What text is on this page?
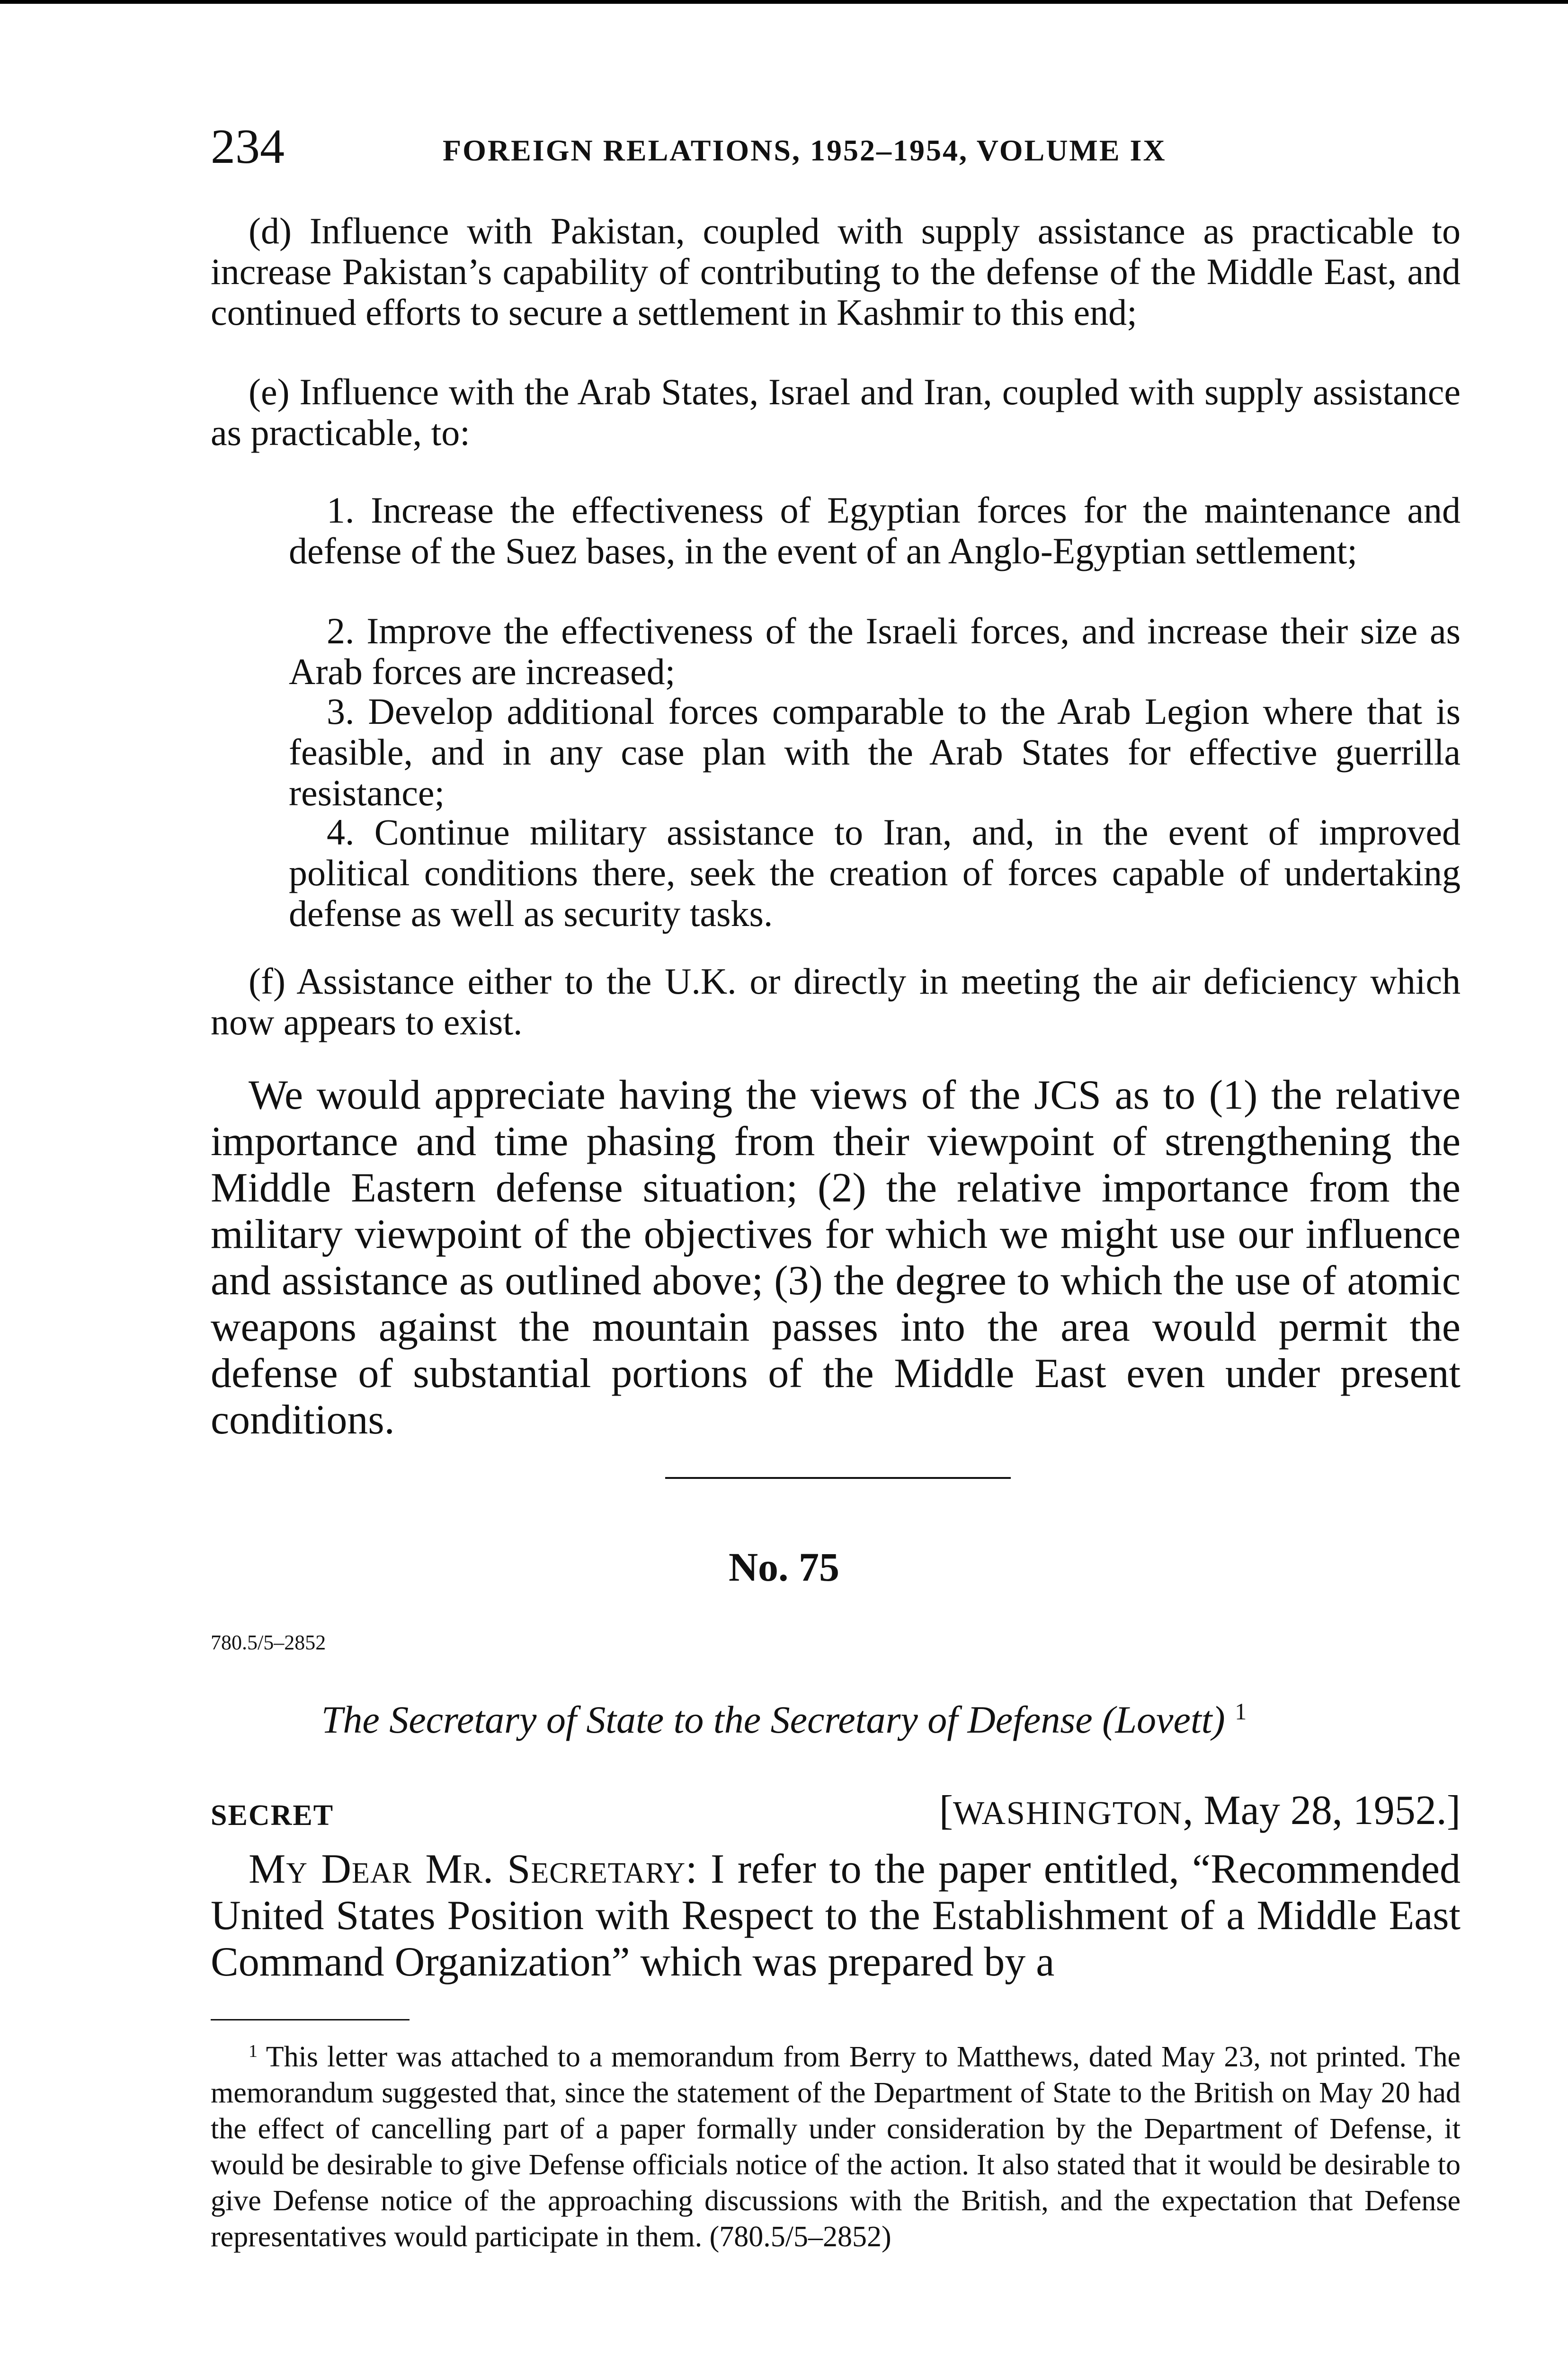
234	FOREIGN RELATIONS, 1952–1954, VOLUME IX

(d) Influence with Pakistan, coupled with supply assistance as practicable to increase Pakistan’s capability of contributing to the defense of the Middle East, and continued efforts to secure a settlement in Kashmir to this end;

(e) Influence with the Arab States, Israel and Iran, coupled with supply assistance as practicable, to:

1. Increase the effectiveness of Egyptian forces for the maintenance and defense of the Suez bases, in the event of an Anglo-Egyptian settlement;

2. Improve the effectiveness of the Israeli forces, and increase their size as Arab forces are increased;

3. Develop additional forces comparable to the Arab Legion where that is feasible, and in any case plan with the Arab States for effective guerrilla resistance;

4. Continue military assistance to Iran, and, in the event of improved political conditions there, seek the creation of forces capable of undertaking defense as well as security tasks.

(f) Assistance either to the U.K. or directly in meeting the air deficiency which now appears to exist.

We would appreciate having the views of the JCS as to (1) the relative importance and time phasing from their viewpoint of strengthening the Middle Eastern defense situation; (2) the relative importance from the military viewpoint of the objectives for which we might use our influence and assistance as outlined above; (3) the degree to which the use of atomic weapons against the mountain passes into the area would permit the defense of substantial portions of the Middle East even under present conditions.

No. 75
780.5/5–2852
The Secretary of State to the Secretary of Defense (Lovett) $^1$
SECRET	[WASHINGTON, May 28, 1952.]

My Dear Mr. Secretary: I refer to the paper entitled, “Recommended United States Position with Respect to the Establishment of a Middle East Command Organization” which was prepared by a

$^1$ This letter was attached to a memorandum from Berry to Matthews, dated May 23, not printed. The memorandum suggested that, since the statement of the Department of State to the British on May 20 had the effect of cancelling part of a paper formally under consideration by the Department of Defense, it would be desirable to give Defense officials notice of the action. It also stated that it would be desirable to give Defense notice of the approaching discussions with the British, and the expectation that Defense representatives would participate in them. (780.5/5–2852)
